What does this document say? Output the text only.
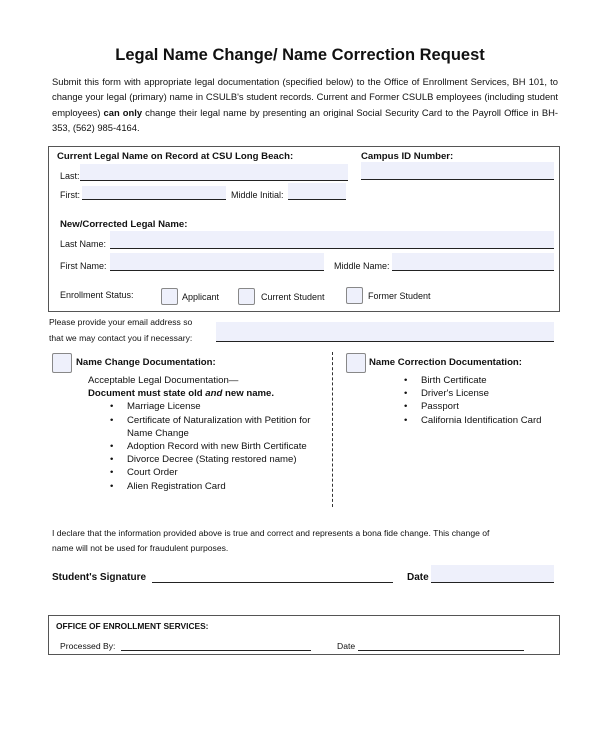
Legal Name Change/ Name Correction Request
Submit this form with appropriate legal documentation (specified below) to the Office of Enrollment Services, BH 101, to change your legal (primary) name in CSULB's student records. Current and Former CSULB employees (including student employees) can only change their legal name by presenting an original Social Security Card to the Payroll Office in BH-353, (562) 985-4164.
Current Legal Name on Record at CSU Long Beach:	Campus ID Number:
Last:
First:	Middle Initial:
New/Corrected Legal Name:
Last Name:
First Name:	Middle Name:
Enrollment Status:	Applicant	Current Student	Former Student
Please provide your email address so
that we may contact you if necessary:
Name Change Documentation:
Acceptable Legal Documentation—
Document must state old and new name.
• Marriage License
• Certificate of Naturalization with Petition for
Name Change
• Adoption Record with new Birth Certificate
• Divorce Decree (Stating restored name)
• Court Order
• Alien Registration Card
Name Correction Documentation:
• Birth Certificate
• Driver's License
• Passport
• California Identification Card
I declare that the information provided above is true and correct and represents a bona fide change. This change of
name will not be used for fraudulent purposes.
Student's Signature	Date
OFFICE OF ENROLLMENT SERVICES:
Processed By:	Date
